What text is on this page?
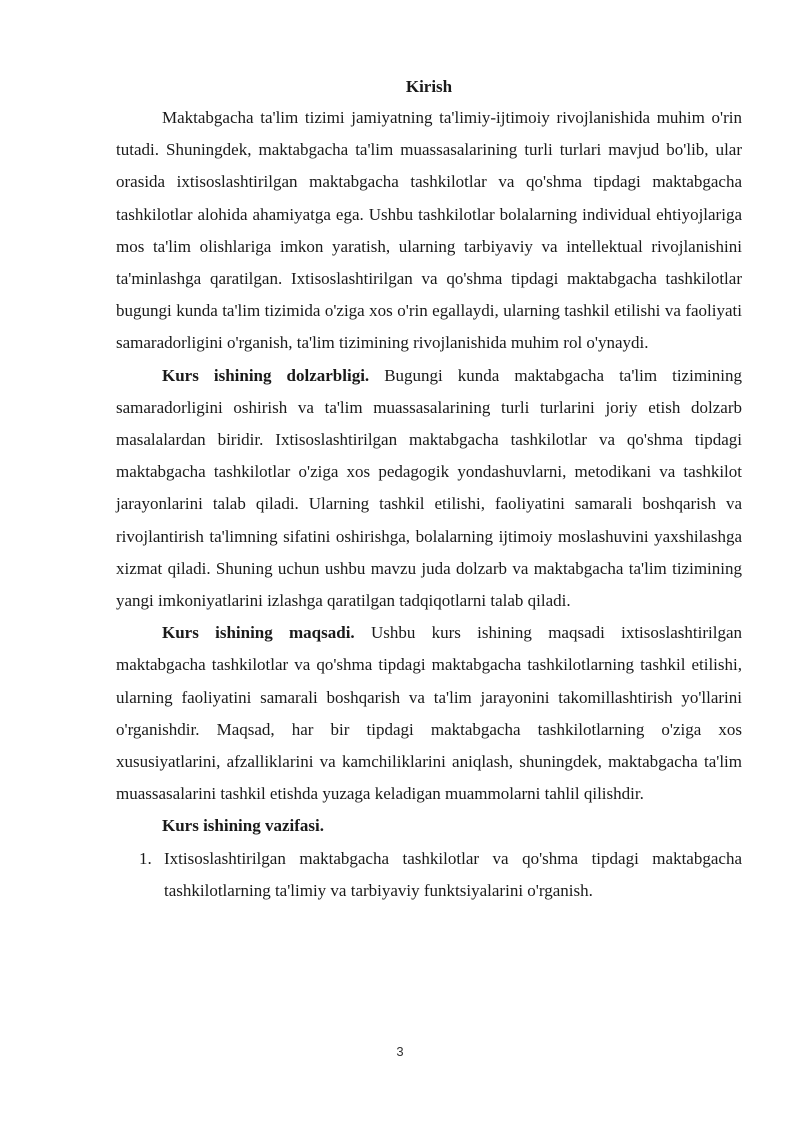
Kirish

Maktabgacha ta'lim tizimi jamiyatning ta'limiy-ijtimoiy rivojlanishida muhim o'rin tutadi. Shuningdek, maktabgacha ta'lim muassasalarining turli turlari mavjud bo'lib, ular orasida ixtisoslashtirilgan maktabgacha tashkilotlar va qo'shma tipdagi maktabgacha tashkilotlar alohida ahamiyatga ega. Ushbu tashkilotlar bolalarning individual ehtiyojlariga mos ta'lim olishlariga imkon yaratish, ularning tarbiyaviy va intellektual rivojlanishini ta'minlashga qaratilgan. Ixtisoslashtirilgan va qo'shma tipdagi maktabgacha tashkilotlar bugungi kunda ta'lim tizimida o'ziga xos o'rin egallaydi, ularning tashkil etilishi va faoliyati samaradorligini o'rganish, ta'lim tizimining rivojlanishida muhim rol o'ynaydi.

Kurs ishining dolzarbligi. Bugungi kunda maktabgacha ta'lim tizimining samaradorligini oshirish va ta'lim muassasalarining turli turlarini joriy etish dolzarb masalalardan biridir. Ixtisoslashtirilgan maktabgacha tashkilotlar va qo'shma tipdagi maktabgacha tashkilotlar o'ziga xos pedagogik yondashuvlarni, metodikani va tashkilot jarayonlarini talab qiladi. Ularning tashkil etilishi, faoliyatini samarali boshqarish va rivojlantirish ta'limning sifatini oshirishga, bolalarning ijtimoiy moslashuvini yaxshilashga xizmat qiladi. Shuning uchun ushbu mavzu juda dolzarb va maktabgacha ta'lim tizimining yangi imkoniyatlarini izlashga qaratilgan tadqiqotlarni talab qiladi.

Kurs ishining maqsadi. Ushbu kurs ishining maqsadi ixtisoslashtirilgan maktabgacha tashkilotlar va qo'shma tipdagi maktabgacha tashkilotlarning tashkil etilishi, ularning faoliyatini samarali boshqarish va ta'lim jarayonini takomillashtirish yo'llarini o'rganishdir. Maqsad, har bir tipdagi maktabgacha tashkilotlarning o'ziga xos xususiyatlarini, afzalliklarini va kamchiliklarini aniqlash, shuningdek, maktabgacha ta'lim muassasalarini tashkil etishda yuzaga keladigan muammolarni tahlil qilishdir.

Kurs ishining vazifasi.

1. Ixtisoslashtirilgan maktabgacha tashkilotlar va qo'shma tipdagi maktabgacha tashkilotlarning ta'limiy va tarbiyaviy funktsiyalarini o'rganish.
3
